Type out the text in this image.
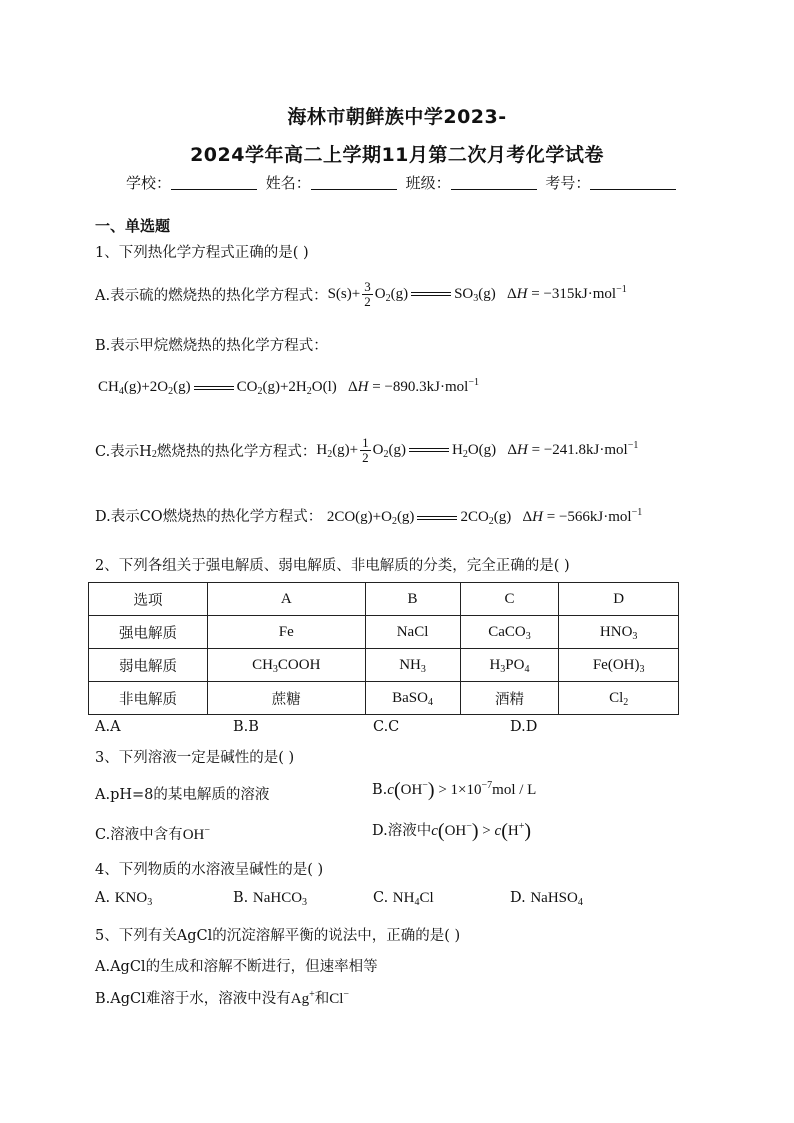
海林市朝鲜族中学2023-
2024学年高二上学期11月第二次月考化学试卷
学校：	姓名：	班级：	考号：
一、单选题
1、下列热化学方程式正确的是( )
A.表示硫的燃烧热的热化学方程式： $S(s)+ \frac{3}{2} O_2(g)$	$SO_3(g) \Delta H = -315kJ\cdot mol^{-1}$
B.表示甲烷燃烧热的热化学方程式：
$CH_4(g)+2O_2(g)$	$CO_2(g)+2H_2O(l) \Delta H = -890.3kJ\cdot mol^{-1}$
C.表示H $_2$ 燃烧热的热化学方程式： $H_2(g)+ \frac{1}{2} O_2(g)$	$H_2O(g) \Delta H = -241.8kJ\cdot mol^{-1}$
D.表示CO燃烧热的热化学方程式： $2CO(g)+O_2(g)$	$2CO_2(g) \Delta H = -566kJ\cdot mol^{-1}$
2、下列各组关于强电解质、弱电解质、非电解质的分类，完全正确的是( )
选项	A	B	C	D
强电解质	Fe	NaCl	CaCO$_3$	$HNO_3$
弱电解质	$CH_3COOH$	$NH_3$	$H_3PO_4$	$Fe(OH)_3$
非电解质	蔗糖	BaSO$_4$	酒精	$Cl_2$
A.A	B.B	C.C	D.D
3、下列溶液一定是碱性的是( )
A.pH=8的某电解质的溶液	$B.c(OH^-) > 1\times 10^{-7}mol / L$
C.溶液中含有OH−	D.溶液中c(OH−) > c(H+)
4、下列物质的水溶液呈碱性的是( )
A. $KNO_3$	B. NaHCO$_3$	C. $NH_4Cl$	D. NaHSO$_4$
5、下列有关AgCl的沉淀溶解平衡的说法中，正确的是( )
A.AgCl的生成和溶解不断进行，但速率相等
B.AgCl难溶于水，溶液中没有Ag+和Cl−
